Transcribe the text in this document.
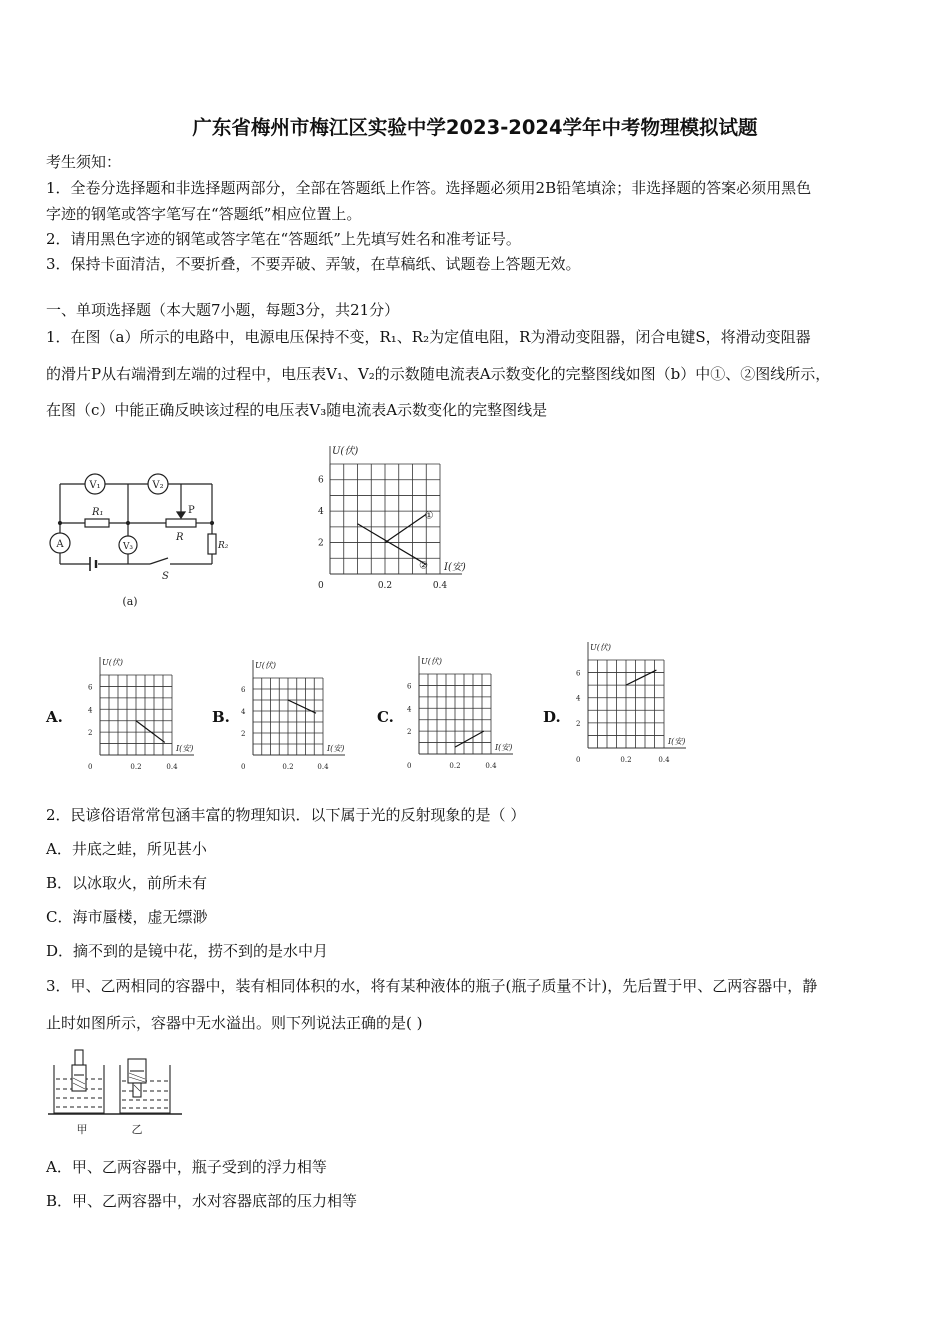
广东省梅州市梅江区实验中学2023-2024学年中考物理模拟试题
考生须知：
1．全卷分选择题和非选择题两部分，全部在答题纸上作答。选择题必须用2B铅笔填涂；非选择题的答案必须用黑色
字迹的钢笔或答字笔写在“答题纸”相应位置上。
2．请用黑色字迹的钢笔或答字笔在“答题纸”上先填写姓名和准考证号。
3．保持卡面清洁，不要折叠，不要弄破、弄皱，在草稿纸、试题卷上答题无效。
一、单项选择题（本大题7小题，每题3分，共21分）
1．在图（a）所示的电路中，电源电压保持不变，R₁、R₂为定值电阻，R为滑动变阻器，闭合电键S，将滑动变阻器
的滑片P从右端滑到左端的过程中，电压表V₁、V₂的示数随电流表A示数变化的完整图线如图（b）中①、②图线所示，
在图（c）中能正确反映该过程的电压表V₃随电流表A示数变化的完整图线是
V₁	V₂
A	V₃
R₁
R
R₂
P
S
(a)
U(伏)
I(安)
6
4
2
0.2	0.4
0
①
②
A.	B.	C.	D.
U(伏)
I(安)
6
4
2
0.2	0.4
0
U(伏)
I(安)
6
4
2
0.2	0.4
0
U(伏)
I(安)
6
4
2
0.2	0.4
0
U(伏)
I(安)
6
4
2
0.2	0.4
0
2．民谚俗语常常包涵丰富的物理知识．以下属于光的反射现象的是（ ）
A．井底之蛙，所见甚小
B．以冰取火，前所未有
C．海市蜃楼，虚无缥渺
D．摘不到的是镜中花，捞不到的是水中月
3．甲、乙两相同的容器中，装有相同体积的水，将有某种液体的瓶子(瓶子质量不计)，先后置于甲、乙两容器中，静
止时如图所示，容器中无水溢出。则下列说法正确的是( )
甲	乙
A．甲、乙两容器中，瓶子受到的浮力相等
B．甲、乙两容器中，水对容器底部的压力相等
